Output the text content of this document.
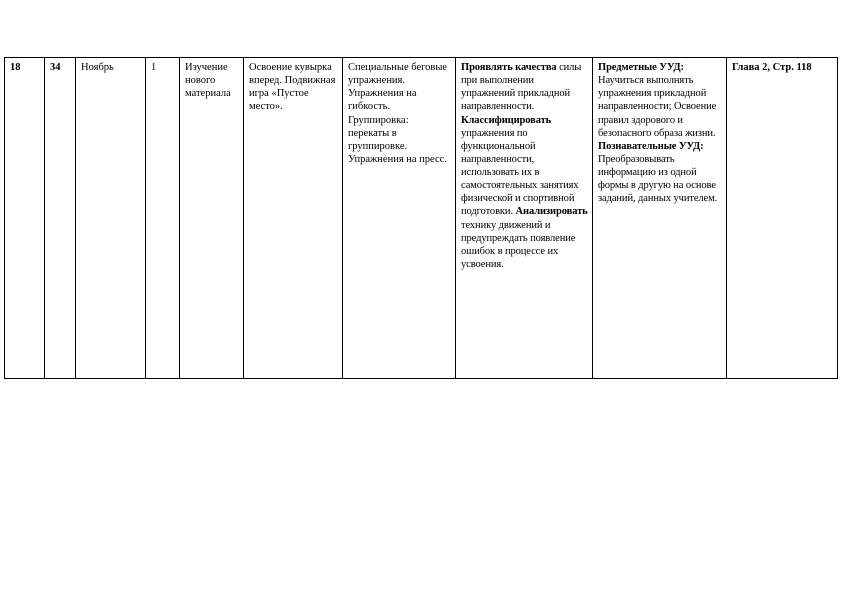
18	34	Ноябрь	1	Изучение нового материала	Освоение кувырка вперед. Подвижная игра «Пустое место».	Специальные беговые упражнения. Упражнения на гибкость. Группировка: перекаты в группировке. Упражнения на пресс.	Проявлять качества силы при выполнении упражнений прикладной направленности. Классифицировать упражнения по функциональной направленности, использовать их в самостоятельных занятиях физической и спортивной подготовки. Анализировать технику движений и предупреждать появление ошибок в процессе их усвоения.	Предметные УУД: Научиться выполнять упражнения прикладной направленности; Освоение правил здорового и безопасного образа жизни. Познавательные УУД: Преобразовывать информацию из одной формы в другую на основе заданий, данных учителем.	Глава 2, Стр. 118
